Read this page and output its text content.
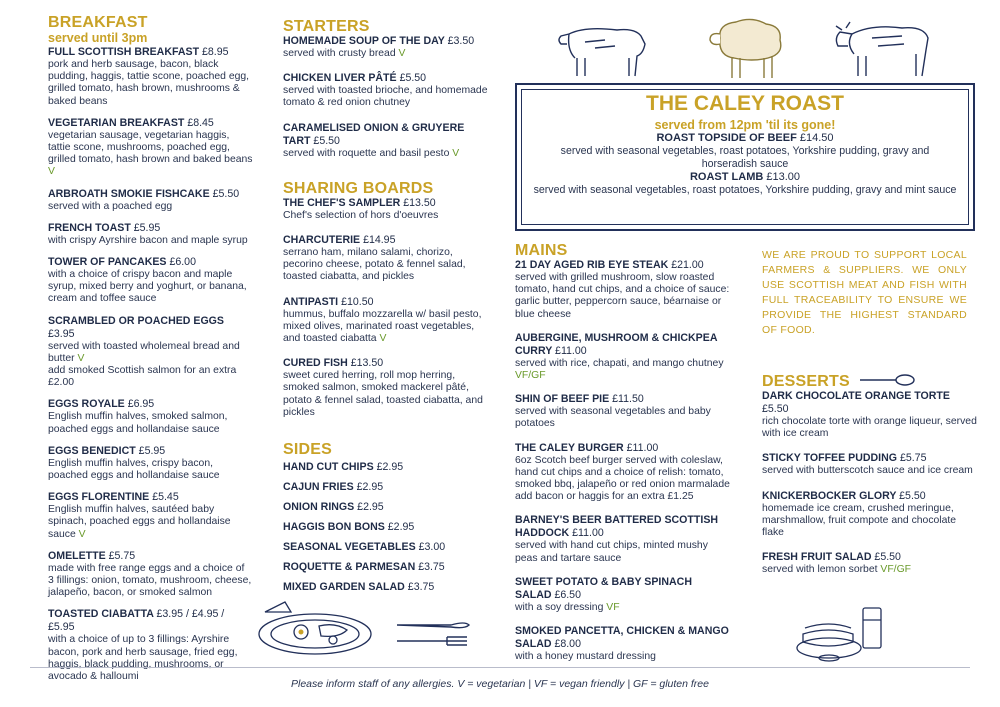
BREAKFAST
served until 3pm
FULL SCOTTISH BREAKFAST £8.95
pork and herb sausage, bacon, black pudding, haggis, tattie scone, poached egg, grilled tomato, hash brown, mushrooms & baked beans
VEGETARIAN BREAKFAST £8.45
vegetarian sausage, vegetarian haggis, tattie scone, mushrooms, poached egg, grilled tomato, hash brown and baked beans V
ARBROATH SMOKIE FISHCAKE £5.50
served with a poached egg
FRENCH TOAST £5.95
with crispy Ayrshire bacon and maple syrup
TOWER OF PANCAKES £6.00
with a choice of crispy bacon and maple syrup, mixed berry and yoghurt, or banana, cream and toffee sauce
SCRAMBLED OR POACHED EGGS £3.95
served with toasted wholemeal bread and butter V
add smoked Scottish salmon for an extra £2.00
EGGS ROYALE £6.95
English muffin halves, smoked salmon, poached eggs and hollandaise sauce
EGGS BENEDICT £5.95
English muffin halves, crispy bacon, poached eggs and hollandaise sauce
EGGS FLORENTINE £5.45
English muffin halves, sautéed baby spinach, poached eggs and hollandaise sauce V
OMELETTE £5.75
made with free range eggs and a choice of 3 fillings: onion, tomato, mushroom, cheese, jalapeño, bacon, or smoked salmon
TOASTED CIABATTA £3.95 / £4.95 / £5.95
with a choice of up to 3 fillings: Ayrshire bacon, pork and herb sausage, fried egg, haggis, black pudding, mushrooms, or avocado & halloumi
STARTERS
HOMEMADE SOUP OF THE DAY £3.50
served with crusty bread V
CHICKEN LIVER PÂTÉ £5.50
served with toasted brioche, and homemade tomato & red onion chutney
CARAMELISED ONION & GRUYERE TART £5.50
served with roquette and basil pesto V
SHARING BOARDS
THE CHEF'S SAMPLER £13.50
Chef's selection of hors d'oeuvres
CHARCUTERIE £14.95
serrano ham, milano salami, chorizo, pecorino cheese, potato & fennel salad, toasted ciabatta, and pickles
ANTIPASTI £10.50
hummus, buffalo mozzarella w/ basil pesto, mixed olives, marinated roast vegetables, and toasted ciabatta V
CURED FISH £13.50
sweet cured herring, roll mop herring, smoked salmon, smoked mackerel pâté, potato & fennel salad, toasted ciabatta, and pickles
SIDES
HAND CUT CHIPS £2.95
CAJUN FRIES £2.95
ONION RINGS £2.95
HAGGIS BON BONS £2.95
SEASONAL VEGETABLES £3.00
ROQUETTE & PARMESAN £3.75
MIXED GARDEN SALAD £3.75
THE CALEY ROAST
served from 12pm 'til its gone!
ROAST TOPSIDE OF BEEF £14.50
served with seasonal vegetables, roast potatoes, Yorkshire pudding, gravy and horseradish sauce
ROAST LAMB £13.00
served with seasonal vegetables, roast potatoes, Yorkshire pudding, gravy and mint sauce
MAINS
21 DAY AGED RIB EYE STEAK £21.00
served with grilled mushroom, slow roasted tomato, hand cut chips, and a choice of sauce: garlic butter, peppercorn sauce, béarnaise or blue cheese
AUBERGINE, MUSHROOM & CHICKPEA CURRY £11.00
served with rice, chapati, and mango chutney
VF/GF
SHIN OF BEEF PIE £11.50
served with seasonal vegetables and baby potatoes
THE CALEY BURGER £11.00
6oz Scotch beef burger served with coleslaw, hand cut chips and a choice of relish: tomato, smoked bbq, jalapeño or red onion marmalade add bacon or haggis for an extra £1.25
BARNEY'S BEER BATTERED SCOTTISH HADDOCK £11.00
served with hand cut chips, minted mushy peas and tartare sauce
SWEET POTATO & BABY SPINACH SALAD £6.50
with a soy dressing VF
SMOKED PANCETTA, CHICKEN & MANGO SALAD £8.00
with a honey mustard dressing
WE ARE PROUD TO SUPPORT LOCAL FARMERS & SUPPLIERS. WE ONLY USE SCOTTISH MEAT AND FISH WITH FULL TRACEABILITY TO ENSURE WE PROVIDE THE HIGHEST STANDARD OF FOOD.
DESSERTS
DARK CHOCOLATE ORANGE TORTE £5.50
rich chocolate torte with orange liqueur, served with ice cream
STICKY TOFFEE PUDDING £5.75
served with butterscotch sauce and ice cream
KNICKERBOCKER GLORY £5.50
homemade ice cream, crushed meringue, marshmallow, fruit compote and chocolate flake
FRESH FRUIT SALAD £5.50
served with lemon sorbet VF/GF
Please inform staff of any allergies. V = vegetarian | VF = vegan friendly | GF = gluten free
